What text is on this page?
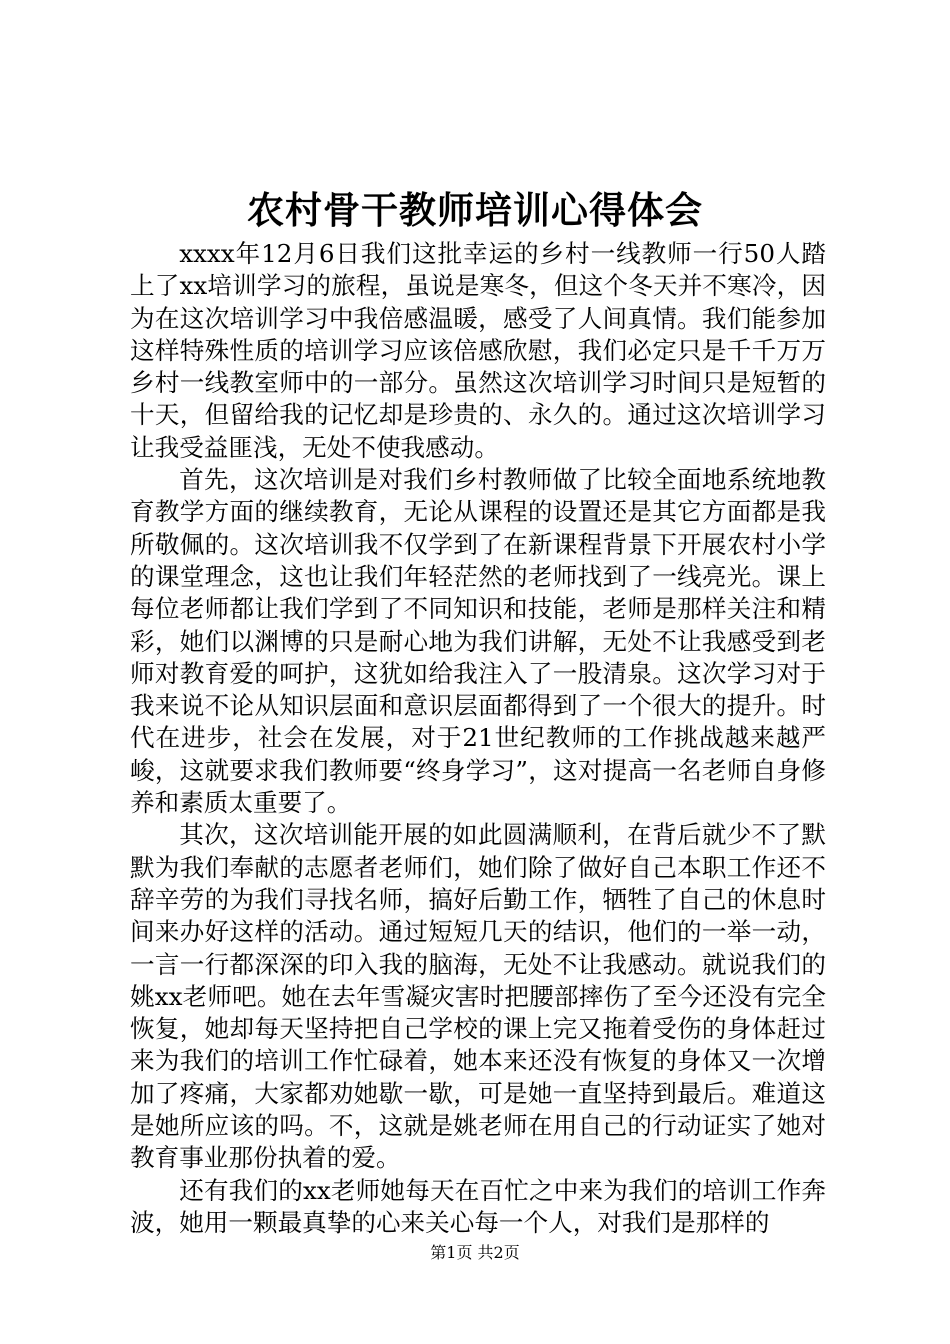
农村骨干教师培训心得体会

xxxx年12月6日我们这批幸运的乡村一线教师一行50人踏上了xx培训学习的旅程，虽说是寒冬，但这个冬天并不寒冷，因为在这次培训学习中我倍感温暖，感受了人间真情。我们能参加这样特殊性质的培训学习应该倍感欣慰，我们必定只是千千万万乡村一线教室师中的一部分。虽然这次培训学习时间只是短暂的十天，但留给我的记忆却是珍贵的、永久的。通过这次培训学习让我受益匪浅，无处不使我感动。

首先，这次培训是对我们乡村教师做了比较全面地系统地教育教学方面的继续教育，无论从课程的设置还是其它方面都是我所敬佩的。这次培训我不仅学到了在新课程背景下开展农村小学的课堂理念，这也让我们年轻茫然的老师找到了一线亮光。课上每位老师都让我们学到了不同知识和技能，老师是那样关注和精彩，她们以渊博的只是耐心地为我们讲解，无处不让我感受到老师对教育爱的呵护，这犹如给我注入了一股清泉。这次学习对于我来说不论从知识层面和意识层面都得到了一个很大的提升。时代在进步，社会在发展，对于21世纪教师的工作挑战越来越严峻，这就要求我们教师要“终身学习”，这对提高一名老师自身修养和素质太重要了。

其次，这次培训能开展的如此圆满顺利，在背后就少不了默默为我们奉献的志愿者老师们，她们除了做好自己本职工作还不辞辛劳的为我们寻找名师，搞好后勤工作，牺牲了自己的休息时间来办好这样的活动。通过短短几天的结识，他们的一举一动，一言一行都深深的印入我的脑海，无处不让我感动。就说我们的姚xx老师吧。她在去年雪凝灾害时把腰部摔伤了至今还没有完全恢复，她却每天坚持把自己学校的课上完又拖着受伤的身体赶过来为我们的培训工作忙碌着，她本来还没有恢复的身体又一次增加了疼痛，大家都劝她歇一歇，可是她一直坚持到最后。难道这是她所应该的吗。不，这就是姚老师在用自己的行动证实了她对教育事业那份执着的爱。

还有我们的xx老师她每天在百忙之中来为我们的培训工作奔波，她用一颗最真挚的心来关心每一个人，对我们是那样的

第1页 共2页
